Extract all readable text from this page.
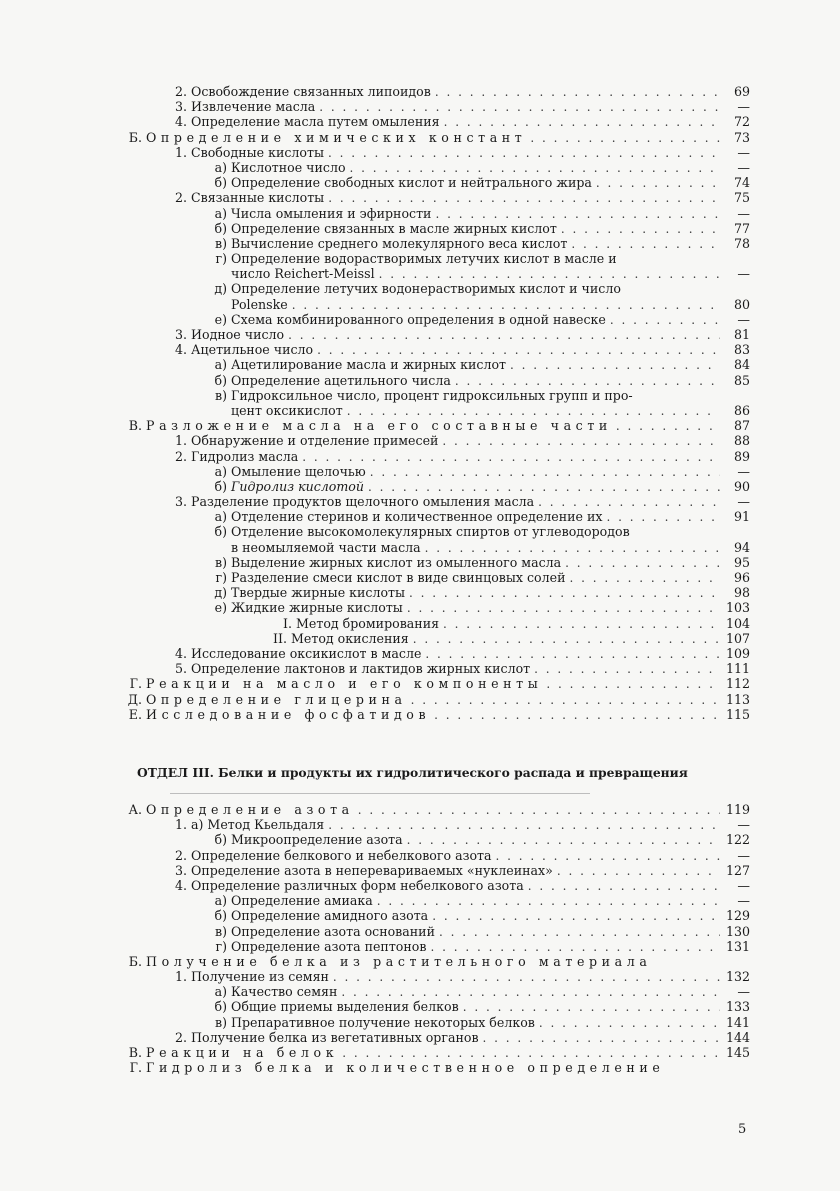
2. Освобождение связанных липоидов . . .	69
3. Извлечение масла . . .	—
4. Определение масла путем омыления . . .	72
Б. Определение химических констант . . .	73
1. Свободные кислоты . . .	—
а) Кислотное число . . .	—
б) Определение свободных кислот и нейтрального жира . . .	74
2. Связанные кислоты . . .	75
а) Числа омыления и эфирности . . .	—
б) Определение связанных в масле жирных кислот . . .	77
в) Вычисление среднего молекулярного веса кислот . . .	78
г) Определение водорастворимых летучих кислот в масле и
число Reichert-Meissl . . .	—
д) Определение летучих водонерастворимых кислот и число
Polenske . . .	80
е) Схема комбинированного определения в одной навеске . . .	—
3. Иодное число . . .	81
4. Ацетильное число . . .	83
а) Ацетилирование масла и жирных кислот . . .	84
б) Определение ацетильного числа . . .	85
в) Гидроксильное число, процент гидроксильных групп и про-
цент оксикислот . . .	86
В. Разложение масла на его составные части . . .	87
1. Обнаружение и отделение примесей . . .	88
2. Гидролиз масла . . .	89
а) Омыление щелочью . . .	—
б) Гидролиз кислотой . . .	90
3. Разделение продуктов щелочного омыления масла . . .	—
а) Отделение стеринов и количественное определение их . . .	91
б) Отделение высокомолекулярных спиртов от углеводородов
в неомыляемой части масла . . .	94
в) Выделение жирных кислот из омыленного масла . . .	95
г) Разделение смеси кислот в виде свинцовых солей . . .	96
д) Твердые жирные кислоты . . .	98
е) Жидкие жирные кислоты . . .	103
I. Метод бромирования . . .	104
II. Метод окисления . . .	107
4. Исследование оксикислот в масле . . .	109
5. Определение лактонов и лактидов жирных кислот . . .	111
Г. Реакции на масло и его компоненты . . .	112
Д. Определение глицерина . . .	113
Е. Исследование фосфатидов . . .	115
ОТДЕЛ III. Белки и продукты их гидролитического распада и превращения
А. Определение азота . . .	119
1. а) Метод Кьельдаля . . .	—
б) Микроопределение азота . . .	122
2. Определение белкового и небелкового азота . . .	—
3. Определение азота в неперевариваемых «нуклеинах» . . .	127
4. Определение различных форм небелкового азота . . .	—
а) Определение амиака . . .	—
б) Определение амидного азота . . .	129
в) Определение азота оснований . . .	130
г) Определение азота пептонов . . .	131
Б. Получение белка из растительного материала
1. Получение из семян . . .	132
а) Качество семян . . .	—
б) Общие приемы выделения белков . . .	133
в) Препаративное получение некоторых белков . . .	141
2. Получение белка из вегетативных органов . . .	144
В. Реакции на белок . . .	145
Г. Гидролиз белка и количественное определение
5
